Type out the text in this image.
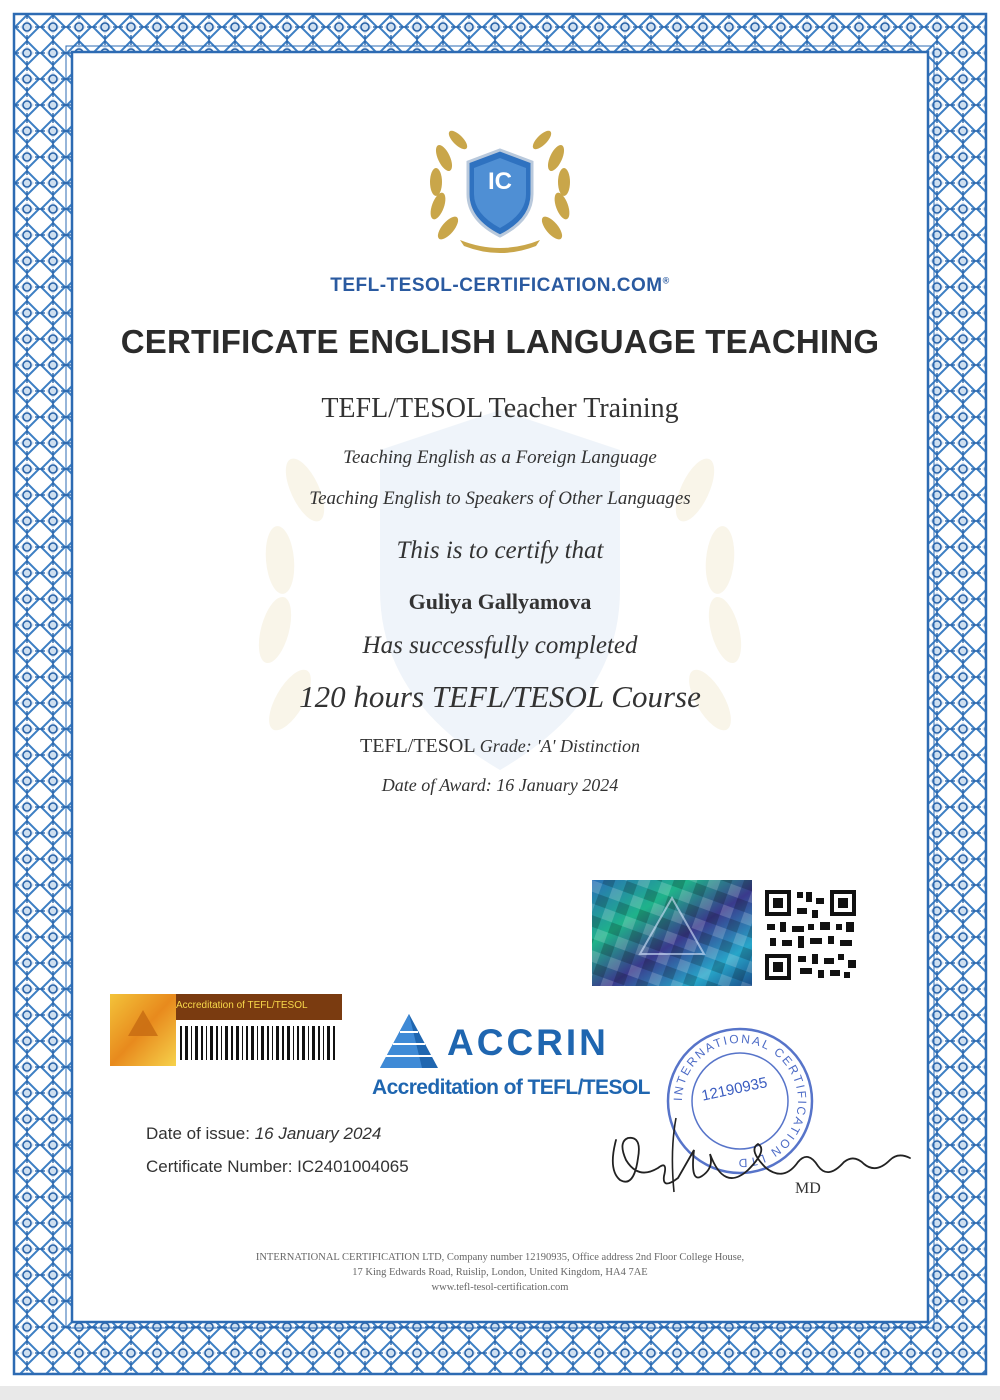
IC
TEFL-TESOL-CERTIFICATION.COM®
CERTIFICATE ENGLISH LANGUAGE TEACHING
TEFL/TESOL Teacher Training
Teaching English as a Foreign Language
Teaching English to Speakers of Other Languages
This is to certify that
Guliya Gallyamova
Has successfully completed
120 hours TEFL/TESOL Course
TEFL/TESOL Grade: 'A' Distinction
Date of Award: 16 January 2024
Accreditation of TEFL/TESOL
ACCRIN
Accreditation of TEFL/TESOL
Date of issue: 16 January 2024
Certificate Number: IC2401004065
INTERNATIONAL CERTIFICATION LTD
12190935
MD
INTERNATIONAL CERTIFICATION LTD, Company number 12190935, Office address 2nd Floor College House,
17 King Edwards Road, Ruislip, London, United Kingdom, HA4 7AE
www.tefl-tesol-certification.com
